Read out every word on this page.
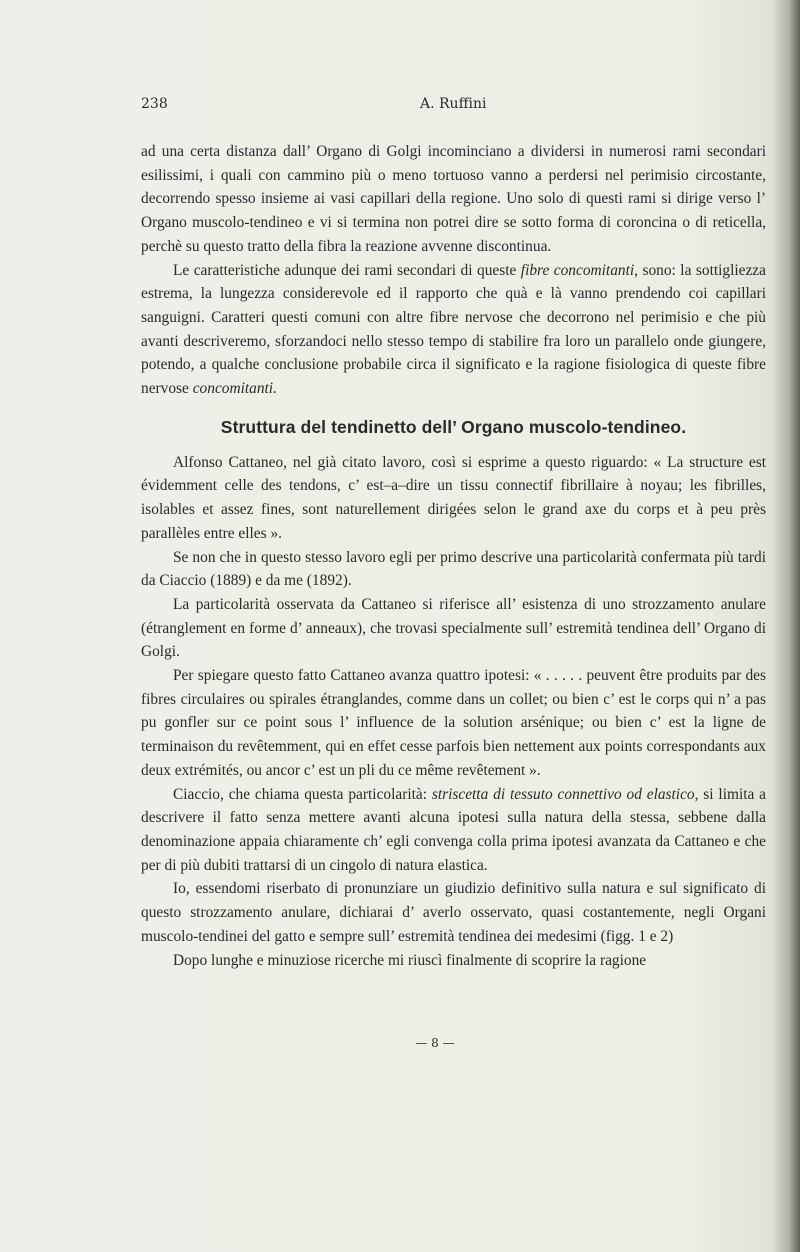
238	A. Ruffini

ad una certa distanza dall’ Organo di Golgi incominciano a dividersi in numerosi rami secondari esilissimi, i quali con cammino più o meno tortuoso vanno a perdersi nel perimisio circostante, decorrendo spesso insieme ai vasi capillari della regione. Uno solo di questi rami si dirige verso l’ Organo muscolo-tendineo e vi si termina non potrei dire se sotto forma di coroncina o di reticella, perchè su questo tratto della fibra la reazione avvenne discontinua.

Le caratteristiche adunque dei rami secondari di queste fibre concomitanti, sono: la sottigliezza estrema, la lungezza considerevole ed il rapporto che quà e là vanno prendendo coi capillari sanguigni. Caratteri questi comuni con altre fibre nervose che decorrono nel perimisio e che più avanti descriveremo, sforzandoci nello stesso tempo di stabilire fra loro un parallelo onde giungere, potendo, a qualche conclusione probabile circa il significato e la ragione fisiologica di queste fibre nervose concomitanti.

Struttura del tendinetto dell’ Organo muscolo-tendineo.

Alfonso Cattaneo, nel già citato lavoro, così si esprime a questo riguardo: « La structure est évidemment celle des tendons, c’ est–a–dire un tissu connectif fibrillaire à noyau; les fibrilles, isolables et assez fines, sont naturellement dirigées selon le grand axe du corps et à peu près parallèles entre elles ».

Se non che in questo stesso lavoro egli per primo descrive una particolarità confermata più tardi da Ciaccio (1889) e da me (1892).

La particolarità osservata da Cattaneo si riferisce all’ esistenza di uno strozzamento anulare (étranglement en forme d’ anneaux), che trovasi specialmente sull’ estremità tendinea dell’ Organo di Golgi.

Per spiegare questo fatto Cattaneo avanza quattro ipotesi: « . . . . . peuvent être produits par des fibres circulaires ou spirales étranglandes, comme dans un collet; ou bien c’ est le corps qui n’ a pas pu gonfler sur ce point sous l’ influence de la solution arsénique; ou bien c’ est la ligne de terminaison du revêtemment, qui en effet cesse parfois bien nettement aux points correspondants aux deux extrémités, ou ancor c’ est un pli du ce même revêtement ».

Ciaccio, che chiama questa particolarità: striscetta di tessuto connettivo od elastico, si limita a descrivere il fatto senza mettere avanti alcuna ipotesi sulla natura della stessa, sebbene dalla denominazione appaia chiaramente ch’ egli convenga colla prima ipotesi avanzata da Cattaneo e che per di più dubiti trattarsi di un cingolo di natura elastica.

Io, essendomi riserbato di pronunziare un giudizio definitivo sulla natura e sul significato di questo strozzamento anulare, dichiarai d’ averlo osservato, quasi costantemente, negli Organi muscolo-tendinei del gatto e sempre sull’ estremità tendinea dei medesimi (figg. 1 e 2)

Dopo lunghe e minuziose ricerche mi riuscì finalmente di scoprire la ragione

— 8 —
